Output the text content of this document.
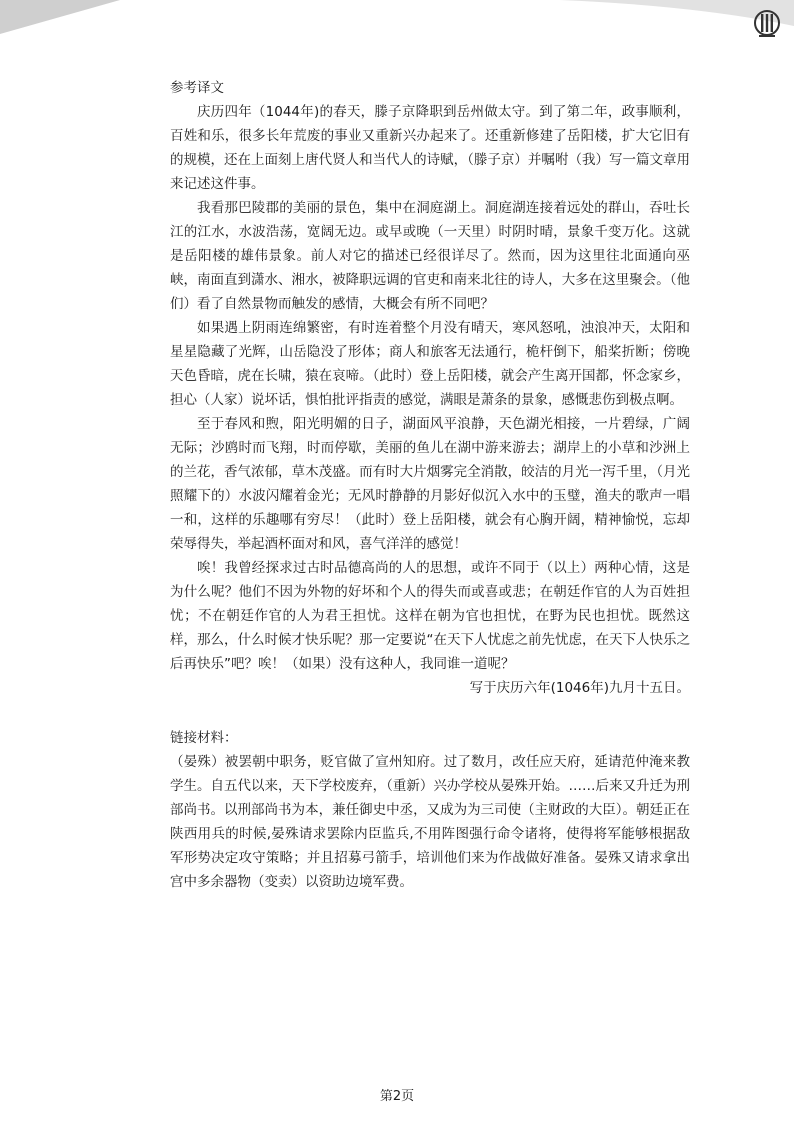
参考译文

庆历四年（1044年)的春天，滕子京降职到岳州做太守。到了第二年，政事顺利，百姓和乐，很多长年荒废的事业又重新兴办起来了。还重新修建了岳阳楼，扩大它旧有的规模，还在上面刻上唐代贤人和当代人的诗赋，（滕子京）并嘱咐（我）写一篇文章用来记述这件事。

我看那巴陵郡的美丽的景色，集中在洞庭湖上。洞庭湖连接着远处的群山，吞吐长江的江水，水波浩荡，宽阔无边。或早或晚（一天里）时阴时晴，景象千变万化。这就是岳阳楼的雄伟景象。前人对它的描述已经很详尽了。然而，因为这里往北面通向巫峡，南面直到潇水、湘水，被降职远调的官吏和南来北往的诗人，大多在这里聚会。（他们）看了自然景物而触发的感情，大概会有所不同吧？

如果遇上阴雨连绵繁密，有时连着整个月没有晴天，寒风怒吼，浊浪冲天，太阳和星星隐藏了光辉，山岳隐没了形体；商人和旅客无法通行，桅杆倒下，船桨折断；傍晚天色昏暗，虎在长啸，猿在哀啼。（此时）登上岳阳楼，就会产生离开国都，怀念家乡，担心（人家）说坏话，惧怕批评指责的感觉，满眼是萧条的景象，感慨悲伤到极点啊。

至于春风和煦，阳光明媚的日子，湖面风平浪静，天色湖光相接，一片碧绿，广阔无际；沙鸥时而飞翔，时而停歇，美丽的鱼儿在湖中游来游去；湖岸上的小草和沙洲上的兰花，香气浓郁，草木茂盛。而有时大片烟雾完全消散，皎洁的月光一泻千里，（月光照耀下的）水波闪耀着金光；无风时静静的月影好似沉入水中的玉璧，渔夫的歌声一唱一和，这样的乐趣哪有穷尽！（此时）登上岳阳楼，就会有心胸开阔，精神愉悦，忘却荣辱得失，举起酒杯面对和风，喜气洋洋的感觉！

唉！我曾经探求过古时品德高尚的人的思想，或许不同于（以上）两种心情，这是为什么呢？他们不因为外物的好坏和个人的得失而或喜或悲；在朝廷作官的人为百姓担忧；不在朝廷作官的人为君王担忧。这样在朝为官也担忧，在野为民也担忧。既然这样，那么，什么时候才快乐呢？那一定要说“在天下人忧虑之前先忧虑，在天下人快乐之后再快乐”吧？唉！（如果）没有这种人，我同谁一道呢？

写于庆历六年(1046年)九月十五日。

链接材料：

（晏殊）被罢朝中职务，贬官做了宣州知府。过了数月，改任应天府，延请范仲淹来教学生。自五代以来，天下学校废弃，（重新）兴办学校从晏殊开始。……后来又升迁为刑部尚书。以刑部尚书为本，兼任御史中丞，又成为为三司使（主财政的大臣）。朝廷正在陕西用兵的时候,晏殊请求罢除内臣监兵,不用阵图强行命令诸将，使得将军能够根据敌军形势决定攻守策略；并且招募弓箭手，培训他们来为作战做好准备。晏殊又请求拿出宫中多余器物（变卖）以资助边境军费。

第2页
